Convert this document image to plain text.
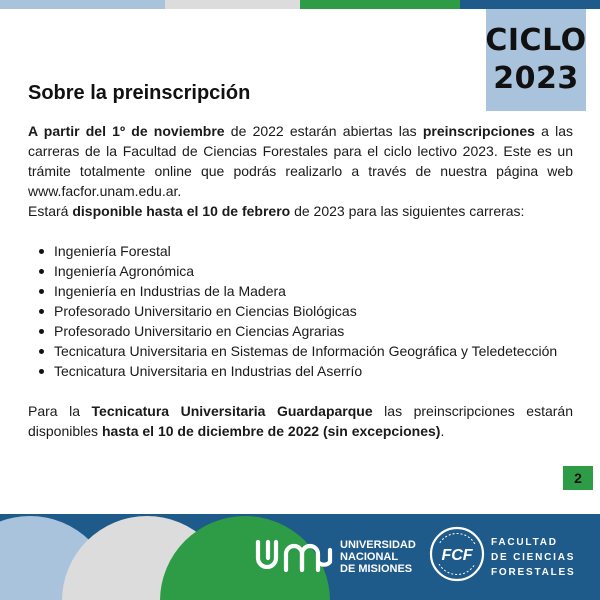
CICLO
2023
Sobre la preinscripción

A partir del 1º de noviembre de 2022 estarán abiertas las preinscripciones a las carreras de la Facultad de Ciencias Forestales para el ciclo lectivo 2023. Este es un trámite totalmente online que podrás realizarlo a través de nuestra página web www.facfor.unam.edu.ar.

Estará disponible hasta el 10 de febrero de 2023 para las siguientes carreras:

Ingeniería Forestal
Ingeniería Agronómica
Ingeniería en Industrias de la Madera
Profesorado Universitario en Ciencias Biológicas
Profesorado Universitario en Ciencias Agrarias
Tecnicatura Universitaria en Sistemas de Información Geográfica y Teledetección
Tecnicatura Universitaria en Industrias del Aserrío

Para la Tecnicatura Universitaria Guardaparque las preinscripciones estarán disponibles hasta el 10 de diciembre de 2022 (sin excepciones).

2
UNIVERSIDAD
NACIONAL
DE MISIONES
FCF
FACULTAD
DE CIENCIAS
FORESTALES
